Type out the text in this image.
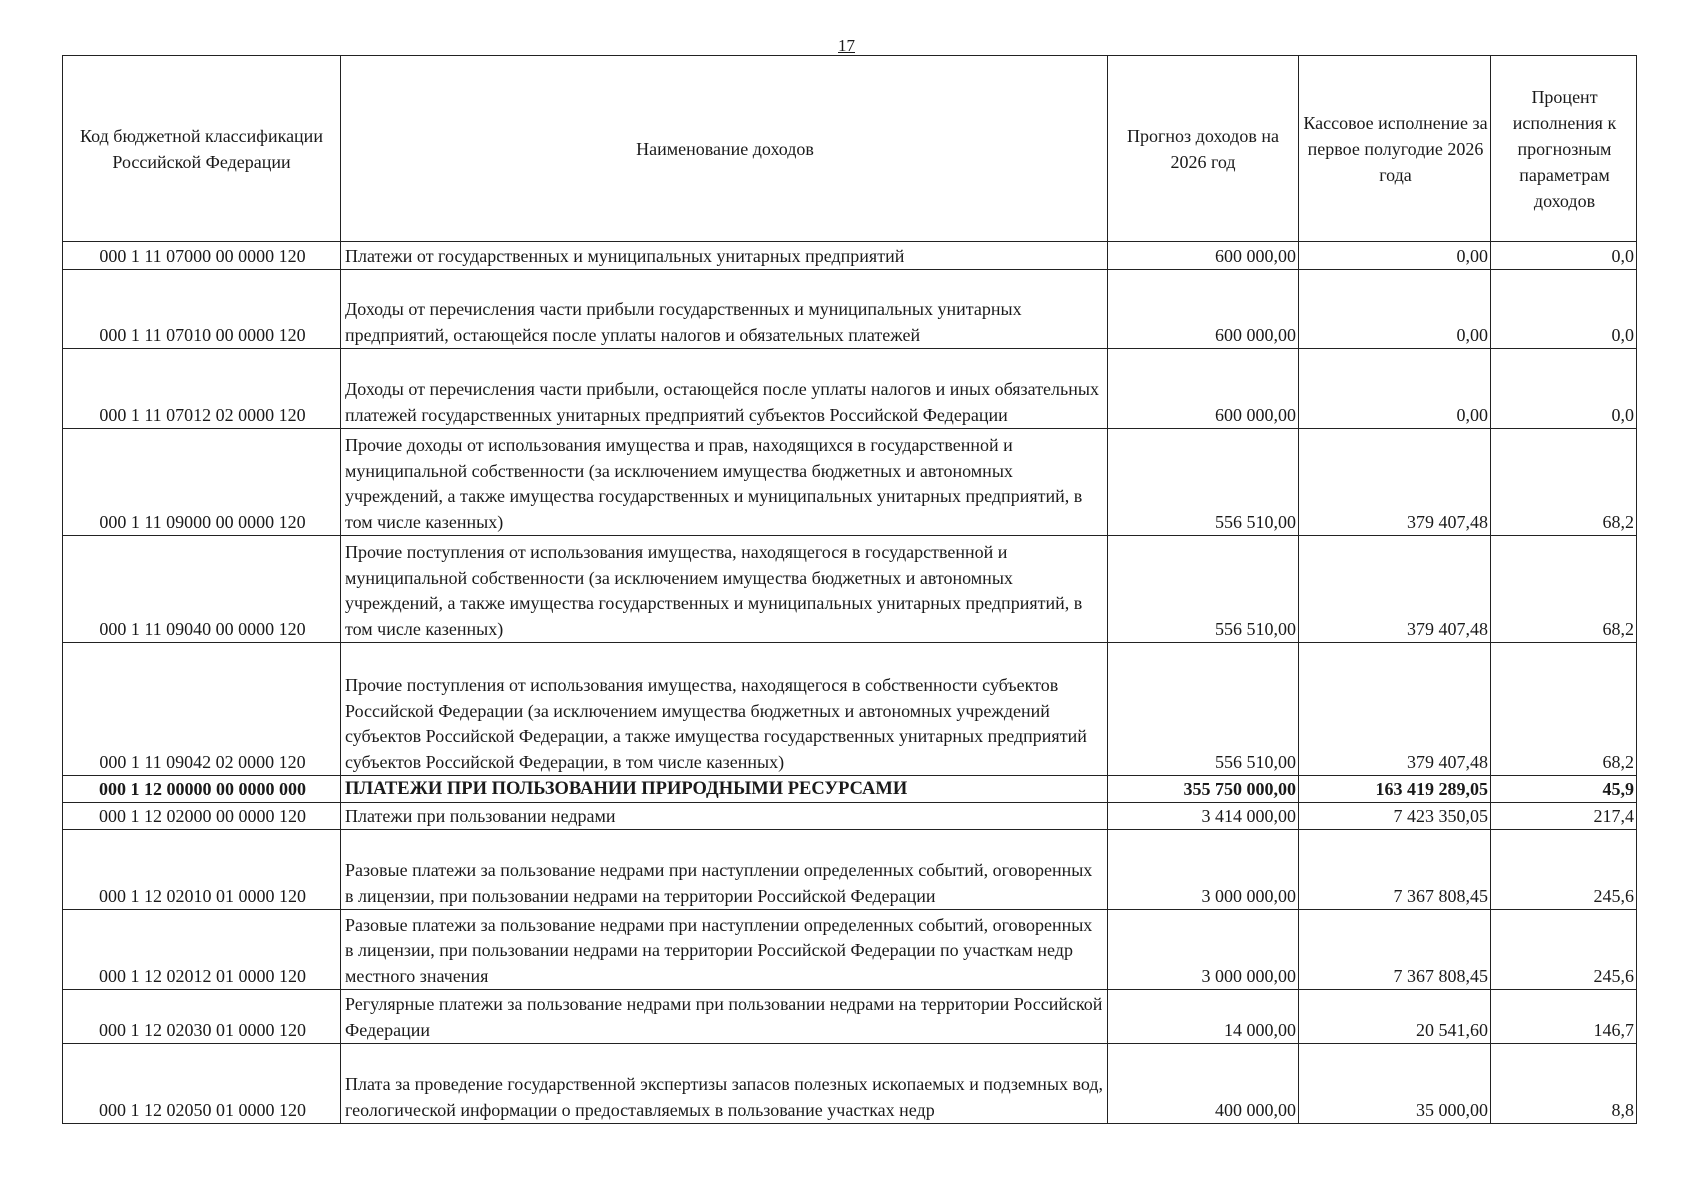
17
Код бюджетной классификации Российской Федерации	Наименование доходов	Прогноз доходов на 2026 год	Кассовое исполнение за первое полугодие 2026 года	Процент исполнения к прогнозным параметрам доходов
000 1 11 07000 00 0000 120	Платежи от государственных и муниципальных унитарных предприятий	600 000,00	0,00	0,0
000 1 11 07010 00 0000 120	Доходы от перечисления части прибыли государственных и муниципальных унитарных предприятий, остающейся после уплаты налогов и обязательных платежей	600 000,00	0,00	0,0
000 1 11 07012 02 0000 120	Доходы от перечисления части прибыли, остающейся после уплаты налогов и иных обязательных платежей государственных унитарных предприятий субъектов Российской Федерации	600 000,00	0,00	0,0
000 1 11 09000 00 0000 120	Прочие доходы от использования имущества и прав, находящихся в государственной и муниципальной собственности (за исключением имущества бюджетных и автономных учреждений, а также имущества государственных и муниципальных унитарных предприятий, в том числе казенных)	556 510,00	379 407,48	68,2
000 1 11 09040 00 0000 120	Прочие поступления от использования имущества, находящегося в государственной и муниципальной собственности (за исключением имущества бюджетных и автономных учреждений, а также имущества государственных и муниципальных унитарных предприятий, в том числе казенных)	556 510,00	379 407,48	68,2
000 1 11 09042 02 0000 120	Прочие поступления от использования имущества, находящегося в собственности субъектов Российской Федерации (за исключением имущества бюджетных и автономных учреждений субъектов Российской Федерации, а также имущества государственных унитарных предприятий субъектов Российской Федерации, в том числе казенных)	556 510,00	379 407,48	68,2
000 1 12 00000 00 0000 000	ПЛАТЕЖИ ПРИ ПОЛЬЗОВАНИИ ПРИРОДНЫМИ РЕСУРСАМИ	355 750 000,00	163 419 289,05	45,9
000 1 12 02000 00 0000 120	Платежи при пользовании недрами	3 414 000,00	7 423 350,05	217,4
000 1 12 02010 01 0000 120	Разовые платежи за пользование недрами при наступлении определенных событий, оговоренных в лицензии, при пользовании недрами на территории Российской Федерации	3 000 000,00	7 367 808,45	245,6
000 1 12 02012 01 0000 120	Разовые платежи за пользование недрами при наступлении определенных событий, оговоренных в лицензии, при пользовании недрами на территории Российской Федерации по участкам недр местного значения	3 000 000,00	7 367 808,45	245,6
000 1 12 02030 01 0000 120	Регулярные платежи за пользование недрами при пользовании недрами на территории Российской Федерации	14 000,00	20 541,60	146,7
000 1 12 02050 01 0000 120	Плата за проведение государственной экспертизы запасов полезных ископаемых и подземных вод, геологической информации о предоставляемых в пользование участках недр	400 000,00	35 000,00	8,8
